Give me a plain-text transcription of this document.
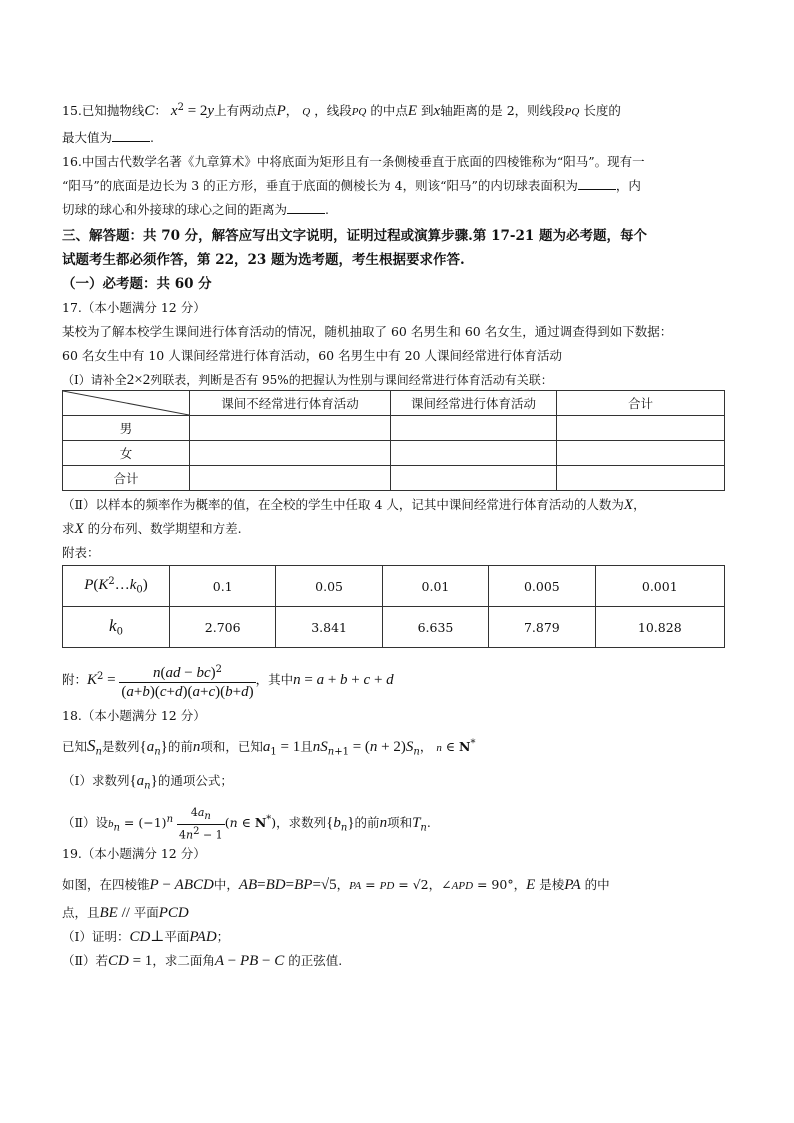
15.已知抛物线C： $x^2 = 2y$上有两动点P， Q ，线段PQ 的中点E 到x轴距离的是 2，则线段PQ 长度的

最大值为	.

16.中国古代数学名著《九章算术》中将底面为矩形且有一条侧棱垂直于底面的四棱锥称为“阳马”。现有一

“阳马”的底面是边长为 3 的正方形，垂直于底面的侧棱长为 4，则该“阳马”的内切球表面积为	，内

切球的球心和外接球的球心之间的距离为	.

三、解答题：共 70 分，解答应写出文字说明，证明过程或演算步骤.第 17-21 题为必考题，每个

试题考生都必须作答，第 22，23 题为选考题，考生根据要求作答.

（一）必考题：共 60 分

17.（本小题满分 12 分）

某校为了解本校学生课间进行体育活动的情况，随机抽取了 60 名男生和 60 名女生，通过调查得到如下数据：

60 名女生中有 10 人课间经常进行体育活动，60 名男生中有 20 人课间经常进行体育活动

（Ⅰ）请补全2×2列联表，判断是否有 95%的把握认为性别与课间经常进行体育活动有关联：

	课间不经常进行体育活动	课间经常进行体育活动	合计
男			
女			
合计			

（Ⅱ）以样本的频率作为概率的值，在全校的学生中任取 4 人，记其中课间经常进行体育活动的人数为X，

求X 的分布列、数学期望和方差.

附表：

$P(K^2\dots k_0)$	0.1	0.05	0.01	0.005	0.001
$k_0$	2.706	3.841	6.635	7.879	10.828
附：$K^2 = \frac{n(ad - bc)^2}{(a+b)(c+d)(a+c)(b+d)}$ ，其中n = a + b + c + d

18.（本小题满分 12 分）

已知$S_n$是数列$\{a_n\}$的前n项和，已知$a_1 = 1$且$nS_{n+1} = (n + 2)S_n$， n ∈ N*

（Ⅰ）求数列$\{a_n\}$的通项公式；

（Ⅱ）设$b_n = (-1)^n \frac{4a_n}{4n^2 - 1} (n$ ∈ N*)，求数列$\{b_n\}$的前n项和$T_n$.

19.（本小题满分 12 分）

如图，在四棱锥P − ABCD中，AB=BD=BP=√5，PA = PD = √2，∠APD = 90°，E 是棱PA 的中

点，且BE // 平面PCD

（Ⅰ）证明：CD⊥平面PAD；

（Ⅱ）若CD = 1，求二面角A − PB − C 的正弦值.
